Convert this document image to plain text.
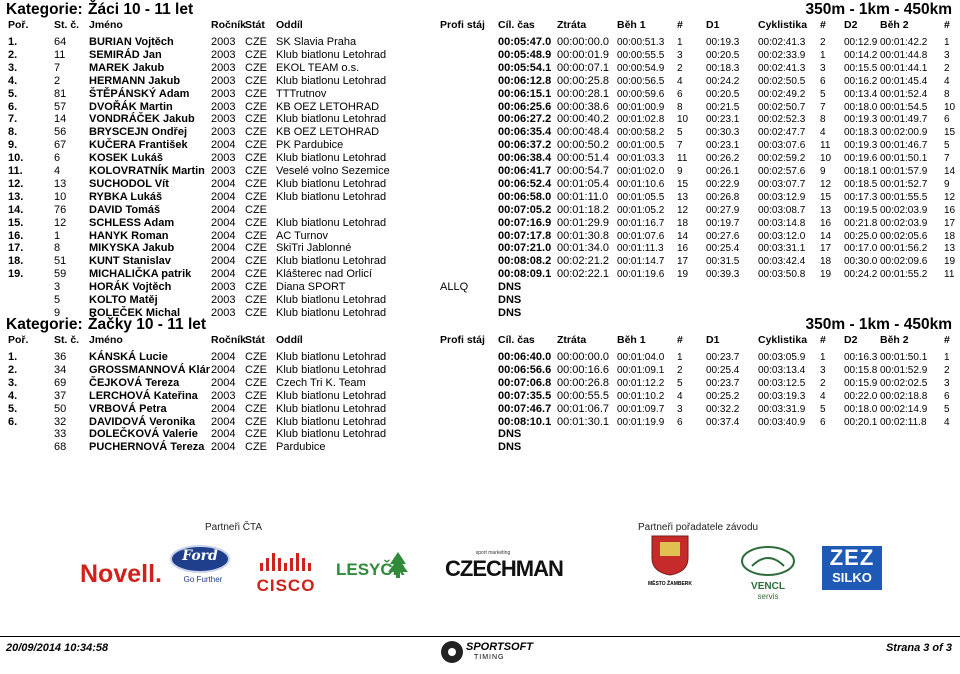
Kategorie: Žáci 10 - 11 let	350m - 1km - 450km
Poř.	St. č. Jméno	Ročník
Stát Oddíl	Profi stáj Cíl. čas Ztráta	Běh 1	# D1	Cyklistika # D2 Běh 2	#
1.	64 BURIAN Vojtěch	2003 CZE SK Slavia Praha	00:05:47.0 00:00:00.0 00:00:51.3 1 00:19.3 00:02:41.3 2 00:12.9 00:01:42.2 1
2.	11 SEMIRÁD Jan	2003 CZE Klub biatlonu Letohrad	00:05:48.9 00:00:01.9 00:00:55.5 3 00:20.5 00:02:33.9 1 00:14.2 00:01:44.8 3
3.	7	MAREK Jakub	2003 CZE EKOL TEAM o.s.	00:05:54.1 00:00:07.1 00:00:54.9 2 00:18.3 00:02:41.3 3 00:15.5 00:01:44.1 2
4.	2	HERMANN Jakub	2003 CZE Klub biatlonu Letohrad	00:06:12.8 00:00:25.8 00:00:56.5 4 00:24.2 00:02:50.5 6 00:16.2 00:01:45.4 4
5.	81 ŠTĚPÁNSKÝ Adam 2003 CZE TTTrutnov	00:06:15.1 00:00:28.1 00:00:59.6 6 00:20.5 00:02:49.2 5 00:13.4 00:01:52.4 8
6.	57 DVOŘÁK Martin	2003 CZE KB OEZ LETOHRAD	00:06:25.6 00:00:38.6 00:01:00.9 8 00:21.5 00:02:50.7 7 00:18.0 00:01:54.5 10
7.	14 VONDRÁČEK Jakub 2003 CZE Klub biatlonu Letohrad	00:06:27.2 00:00:40.2 00:01:02.8 10 00:23.1 00:02:52.3 8 00:19.3 00:01:49.7 6
8.	56 BRYSCEJN Ondřej 2003 CZE KB OEZ LETOHRAD	00:06:35.4 00:00:48.4 00:00:58.2 5 00:30.3 00:02:47.7 4 00:18.3 00:02:00.9 15
9.	67 KUČERA František 2004 CZE PK Pardubice	00:06:37.2 00:00:50.2 00:01:00.5 7 00:23.1 00:03:07.6 11 00:19.3 00:01:46.7 5
10.	6	KOSEK Lukáš	2003 CZE Klub biatlonu Letohrad	00:06:38.4 00:00:51.4 00:01:03.3 11 00:26.2 00:02:59.2 10 00:19.6 00:01:50.1 7
11.	4	KOLOVRATNÍK Martin 2003 CZE Veselé volno Sezemice	00:06:41.7 00:00:54.7 00:01:02.0 9 00:26.1 00:02:57.6 9 00:18.1 00:01:57.9 14
12.	13 SUCHODOL Vít	2004 CZE Klub biatlonu Letohrad	00:06:52.4 00:01:05.4 00:01:10.6 15 00:22.9 00:03:07.7 12 00:18.5 00:01:52.7 9
13.	10 RYBKA Lukáš	2004 CZE Klub biatlonu Letohrad	00:06:58.0 00:01:11.0 00:01:05.5 13 00:26.8 00:03:12.9 15 00:17.3 00:01:55.5 12
14.	76 DAVID Tomáš	2004 CZE	00:07:05.2 00:01:18.2 00:01:05.2 12 00:27.9 00:03:08.7 13 00:19.5 00:02:03.9 16
15.	12 SCHLESS Adam	2004 CZE Klub biatlonu Letohrad	00:07:16.9 00:01:29.9 00:01:16.7 18 00:19.7 00:03:14.8 16 00:21.8 00:02:03.9 17
16.	1	HANYK Roman	2004 CZE AC Turnov	00:07:17.8 00:01:30.8 00:01:07.6 14 00:27.6 00:03:12.0 14 00:25.0 00:02:05.6 18
17.	8	MIKYSKA Jakub	2004 CZE SkiTri Jablonné	00:07:21.0 00:01:34.0 00:01:11.3 16 00:25.4 00:03:31.1 17 00:17.0 00:01:56.2 13
18.	51 KUNT Stanislav	2004 CZE Klub biatlonu Letohrad	00:08:08.2 00:02:21.2 00:01:14.7 17 00:31.5 00:03:42.4 18 00:30.0 00:02:09.6 19
19.	59 MICHALIČKA patrik 2004 CZE Klášterec nad Orlicí	00:08:09.1 00:02:22.1 00:01:19.6 19 00:39.3 00:03:50.8 19 00:24.2 00:01:55.2 11
3	HORÁK Vojtěch	2003 CZE Diana SPORT	ALLQ	DNS
5	KOLTO Matěj	2003 CZE Klub biatlonu Letohrad	DNS
9	ROLEČEK Michal	2003 CZE Klub biatlonu Letohrad	DNS
Kategorie: Žačky 10 - 11 let	350m - 1km - 450km
Poř.	St. č. Jméno	Ročník
Stát Oddíl	Profi stáj Cíl. čas Ztráta	Běh 1	# D1	Cyklistika # D2 Běh 2	#
1.	36 KÁNSKÁ Lucie	2004 CZE Klub biatlonu Letohrad	00:06:40.0 00:00:00.0 00:01:04.0 1 00:23.7 00:03:05.9 1 00:16.3 00:01:50.1 1
2.	34 GROSSMANNOVÁ Klár 2004 CZE Klub biatlonu Letohrad	00:06:56.6 00:00:16.6 00:01:09.1 2 00:25.4 00:03:13.4 3 00:15.8 00:01:52.9 2
3.	69 ČEJKOVÁ Tereza	2004 CZE Czech Tri K. Team	00:07:06.8 00:00:26.8 00:01:12.2 5 00:23.7 00:03:12.5 2 00:15.9 00:02:02.5 3
4.	37 LERCHOVÁ Kateřina 2003 CZE Klub biatlonu Letohrad	00:07:35.5 00:00:55.5 00:01:10.2 4 00:25.2 00:03:19.3 4 00:22.0 00:02:18.8 6
5.	50 VRBOVÁ Petra	2004 CZE Klub biatlonu Letohrad	00:07:46.7 00:01:06.7 00:01:09.7 3 00:32.2 00:03:31.9 5 00:18.0 00:02:14.9 5
6.	32 DAVIDOVÁ Veronika 2004 CZE Klub biatlonu Letohrad	00:08:10.1 00:01:30.1 00:01:19.9 6 00:37.4 00:03:40.9 6 00:20.1 00:02:11.8 4
33 DOLEČKOVÁ Valerie 2004 CZE Klub biatlonu Letohrad	DNS
68 PUCHERNOVÁ Tereza 2004 CZE Pardubice	DNS
Partneři ČTA	Partneři pořadatele závodu
Novell.
Ford
Go Further	CISCO
LESYČR
sport marketing
CZECHMAN
MĚSTO ŽAMBERK	VENCL
servis
ZEZ
SILKO
20/09/2014 10:34:58	SPORTSOFT
TIMING
Strana 3 of 3
